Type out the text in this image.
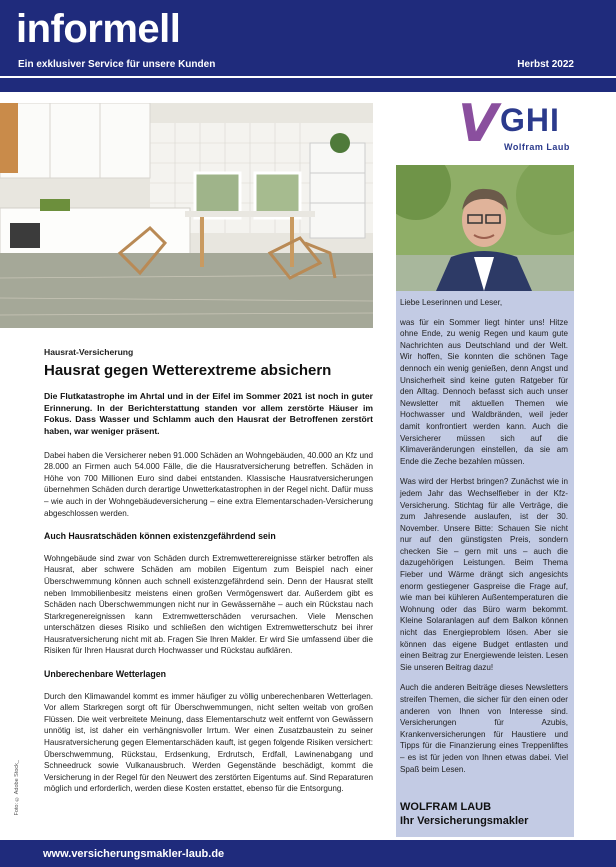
informell
Ein exklusiver Service für unsere Kunden	Herbst 2022
V GHI
Wolfram Laub

Liebe Leserinnen und Leser,

was für ein Sommer liegt hinter uns! Hitze ohne Ende, zu wenig Regen und kaum gute Nachrichten aus Deutschland und der Welt. Wir hoffen, Sie konnten die schönen Tage dennoch ein wenig genießen, denn Angst und Unsicherheit sind keine guten Ratgeber für den Alltag. Dennoch befasst sich auch unser Newsletter mit aktuellen Themen wie Hochwasser und Waldbränden, weil jeder damit konfrontiert werden kann. Auch die Versicherer müssen sich auf die Klimaveränderungen einstellen, da sie am Ende die Zeche bezahlen müssen.

Was wird der Herbst bringen? Zunächst wie in jedem Jahr das Wechselfieber in der Kfz-Versicherung. Stichtag für alle Verträge, die zum Jahresende auslaufen, ist der 30. November. Unsere Bitte: Schauen Sie nicht nur auf den günstigsten Preis, sondern checken Sie – gern mit uns – auch die dazugehörigen Leistungen. Beim Thema Fieber und Wärme drängt sich angesichts enorm gestiegener Gaspreise die Frage auf, wie man bei kühleren Außentemperaturen die Wohnung oder das Büro warm bekommt. Kleine Solaranlagen auf dem Balkon können nicht das Energieproblem lösen. Aber sie können das eigene Budget entlasten und einen Beitrag zur Energiewende leisten. Lesen Sie unseren Beitrag dazu!

Auch die anderen Beiträge dieses Newsletters streifen Themen, die sicher für den einen oder anderen von Ihnen von Interesse sind. Versicherungen für Azubis, Krankenversicherungen für Haustiere und Tipps für die Finanzierung eines Treppenliftes – es ist für jeden von Ihnen etwas dabei. Viel Spaß beim Lesen.

WOLFRAM LAUB
Ihr Versicherungsmakler
Hausrat-Versicherung
Hausrat gegen Wetterextreme absichern

Die Flutkatastrophe im Ahrtal und in der Eifel im Sommer 2021 ist noch in guter Erinnerung. In der Berichterstattung standen vor allem zerstörte Häuser im Fokus. Dass Wasser und Schlamm auch den Hausrat der Betroffenen zerstört haben, war weniger präsent.

Dabei haben die Versicherer neben 91.000 Schäden an Wohngebäuden, 40.000 an Kfz und 28.000 an Firmen auch 54.000 Fälle, die die Hausratversicherung betreffen. Schäden in Höhe von 700 Millionen Euro sind dabei entstanden. Klassische Hausratversicherungen übernehmen Schäden durch derartige Unwetterkatastrophen in der Regel nicht. Dafür muss – wie auch in der Wohngebäudeversicherung – eine extra Elementarschaden-Versicherung abgeschlossen werden.

Auch Hausratschäden können existenzgefährdend sein

Wohngebäude sind zwar von Schäden durch Extremwetterereignisse stärker betroffen als Hausrat, aber schwere Schäden am mobilen Eigentum zum Beispiel nach einer Überschwemmung können auch schnell existenzgefährdend sein. Denn der Hausrat stellt neben Immobilienbesitz meistens einen großen Vermögenswert dar. Außerdem gibt es Schäden nach Überschwemmungen nicht nur in Gewässernähe – auch ein Rückstau nach Starkregenereignissen kann Extremwetterschäden verursachen. Viele Menschen unterschätzen dieses Risiko und schließen den wichtigen Extremwetterschutz bei ihrer Hausratversicherung nicht mit ab. Fragen Sie Ihren Makler. Er wird Sie umfassend über die Risiken für Ihren Hausrat durch Hochwasser und Rückstau aufklären.

Unberechenbare Wetterlagen

Durch den Klimawandel kommt es immer häufiger zu völlig unberechenbaren Wetterlagen. Vor allem Starkregen sorgt oft für Überschwemmungen, nicht selten weitab von großen Flüssen. Die weit verbreitete Meinung, dass Elementarschutz weit entfernt von Gewässern unnötig ist, ist daher ein verhängnisvoller Irrtum. Wer einen Zusatzbaustein zu seiner Hausratversicherung gegen Elementarschäden kauft, ist gegen folgende Risiken versichert: Überschwemmung, Rückstau, Erdsenkung, Erdrutsch, Erdfall, Lawinenabgang und Schneedruck sowie Vulkanausbruch. Werden Gegenstände beschädigt, kommt die Versicherung in der Regel für den Neuwert des zerstörten Eigentums auf. Sind Reparaturen möglich und erforderlich, werden diese Kosten erstattet, ebenso für die Entsorgung.

Foto: © Adobe Stock_
www.versicherungsmakler-laub.de
